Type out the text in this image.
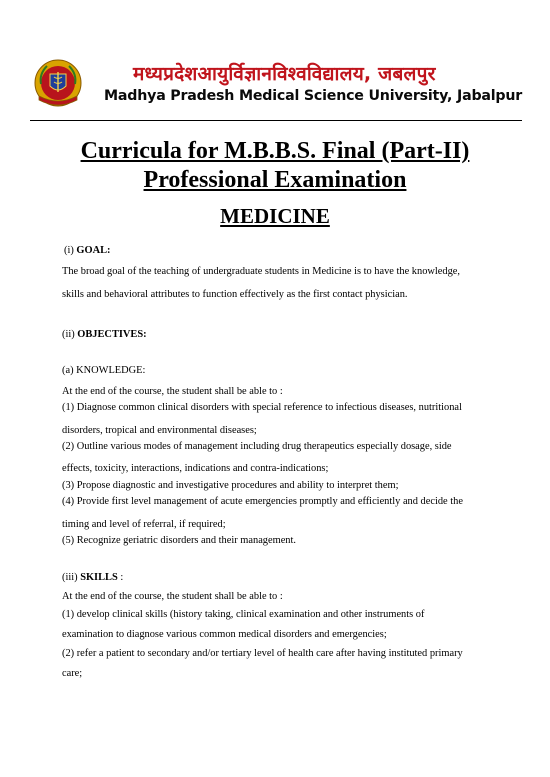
मध्यप्रदेशआयुर्विज्ञानविश्वविद्यालय, जबलपुर
Madhya Pradesh Medical Science University, Jabalpur
Curricula for M.B.B.S. Final (Part-II)
Professional Examination
MEDICINE
(i) GOAL:
The broad goal of the teaching of undergraduate students in Medicine is to have the knowledge,
skills and behavioral attributes to function effectively as the first contact physician.
(ii) OBJECTIVES:
(a) KNOWLEDGE:
At the end of the course, the student shall be able to :
(1) Diagnose common clinical disorders with special reference to infectious diseases, nutritional
disorders, tropical and environmental diseases;
(2) Outline various modes of management including drug therapeutics especially dosage, side
effects, toxicity, interactions, indications and contra-indications;
(3) Propose diagnostic and investigative procedures and ability to interpret them;
(4) Provide first level management of acute emergencies promptly and efficiently and decide the
timing and level of referral, if required;
(5) Recognize geriatric disorders and their management.
(iii) SKILLS :
At the end of the course, the student shall be able to :
(1) develop clinical skills (history taking, clinical examination and other instruments of
examination to diagnose various common medical disorders and emergencies;
(2) refer a patient to secondary and/or tertiary level of health care after having instituted primary
care;
